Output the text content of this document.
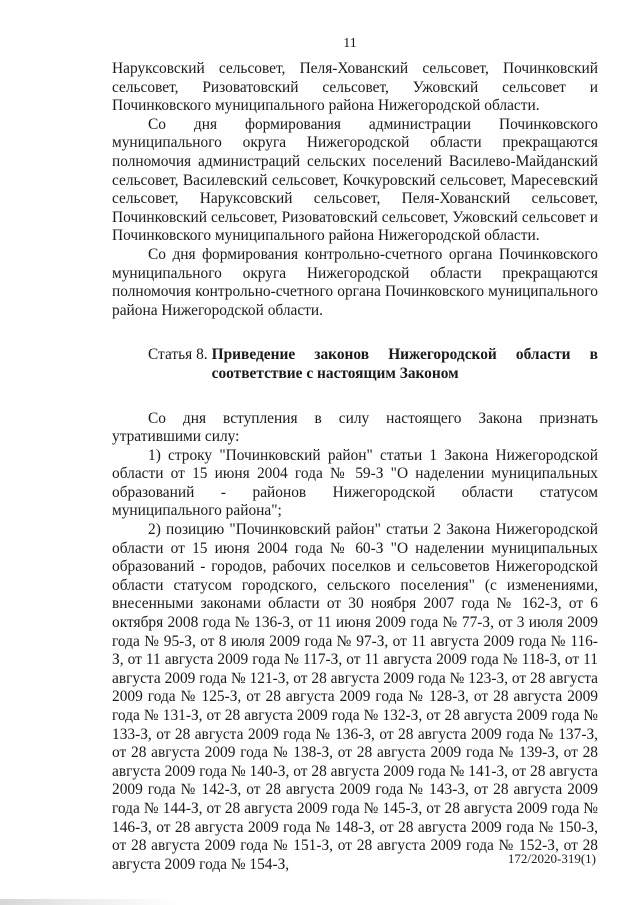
11

Наруксовский сельсовет, Пеля-Хованский сельсовет, Починковский сельсовет, Ризоватовский сельсовет, Ужовский сельсовет и Починковского муниципального района Нижегородской области.

Со дня формирования администрации Починковского муниципального округа Нижегородской области прекращаются полномочия администраций сельских поселений Василево-Майданский сельсовет, Василевский сельсовет, Кочкуровский сельсовет, Маресевский сельсовет, Наруксовский сельсовет, Пеля-Хованский сельсовет, Починковский сельсовет, Ризоватовский сельсовет, Ужовский сельсовет и Починковского муниципального района Нижегородской области.

Со дня формирования контрольно-счетного органа Починковского муниципального округа Нижегородской области прекращаются полномочия контрольно-счетного органа Починковского муниципального района Нижегородской области.

Статья 8. Приведение законов Нижегородской области в соответствие с настоящим Законом

Со дня вступления в силу настоящего Закона признать утратившими силу:

1) строку "Починковский район" статьи 1 Закона Нижегородской области от 15 июня 2004 года № 59-З "О наделении муниципальных образований - районов Нижегородской области статусом муниципального района";

2) позицию "Починковский район" статьи 2 Закона Нижегородской области от 15 июня 2004 года № 60-З "О наделении муниципальных образований - городов, рабочих поселков и сельсоветов Нижегородской области статусом городского, сельского поселения" (с изменениями, внесенными законами области от 30 ноября 2007 года № 162-З, от 6 октября 2008 года № 136-З, от 11 июня 2009 года № 77-З, от 3 июля 2009 года № 95-З, от 8 июля 2009 года № 97-З, от 11 августа 2009 года № 116-З, от 11 августа 2009 года № 117-З, от 11 августа 2009 года № 118-З, от 11 августа 2009 года № 121-З, от 28 августа 2009 года № 123-З, от 28 августа 2009 года № 125-З, от 28 августа 2009 года № 128-З, от 28 августа 2009 года № 131-З, от 28 августа 2009 года № 132-З, от 28 августа 2009 года № 133-З, от 28 августа 2009 года № 136-З, от 28 августа 2009 года № 137-З, от 28 августа 2009 года № 138-З, от 28 августа 2009 года № 139-З, от 28 августа 2009 года № 140-З, от 28 августа 2009 года № 141-З, от 28 августа 2009 года № 142-З, от 28 августа 2009 года № 143-З, от 28 августа 2009 года № 144-З, от 28 августа 2009 года № 145-З, от 28 августа 2009 года № 146-З, от 28 августа 2009 года № 148-З, от 28 августа 2009 года № 150-З, от 28 августа 2009 года № 151-З, от 28 августа 2009 года № 152-З, от 28 августа 2009 года № 154-З,	172/2020-319(1)
